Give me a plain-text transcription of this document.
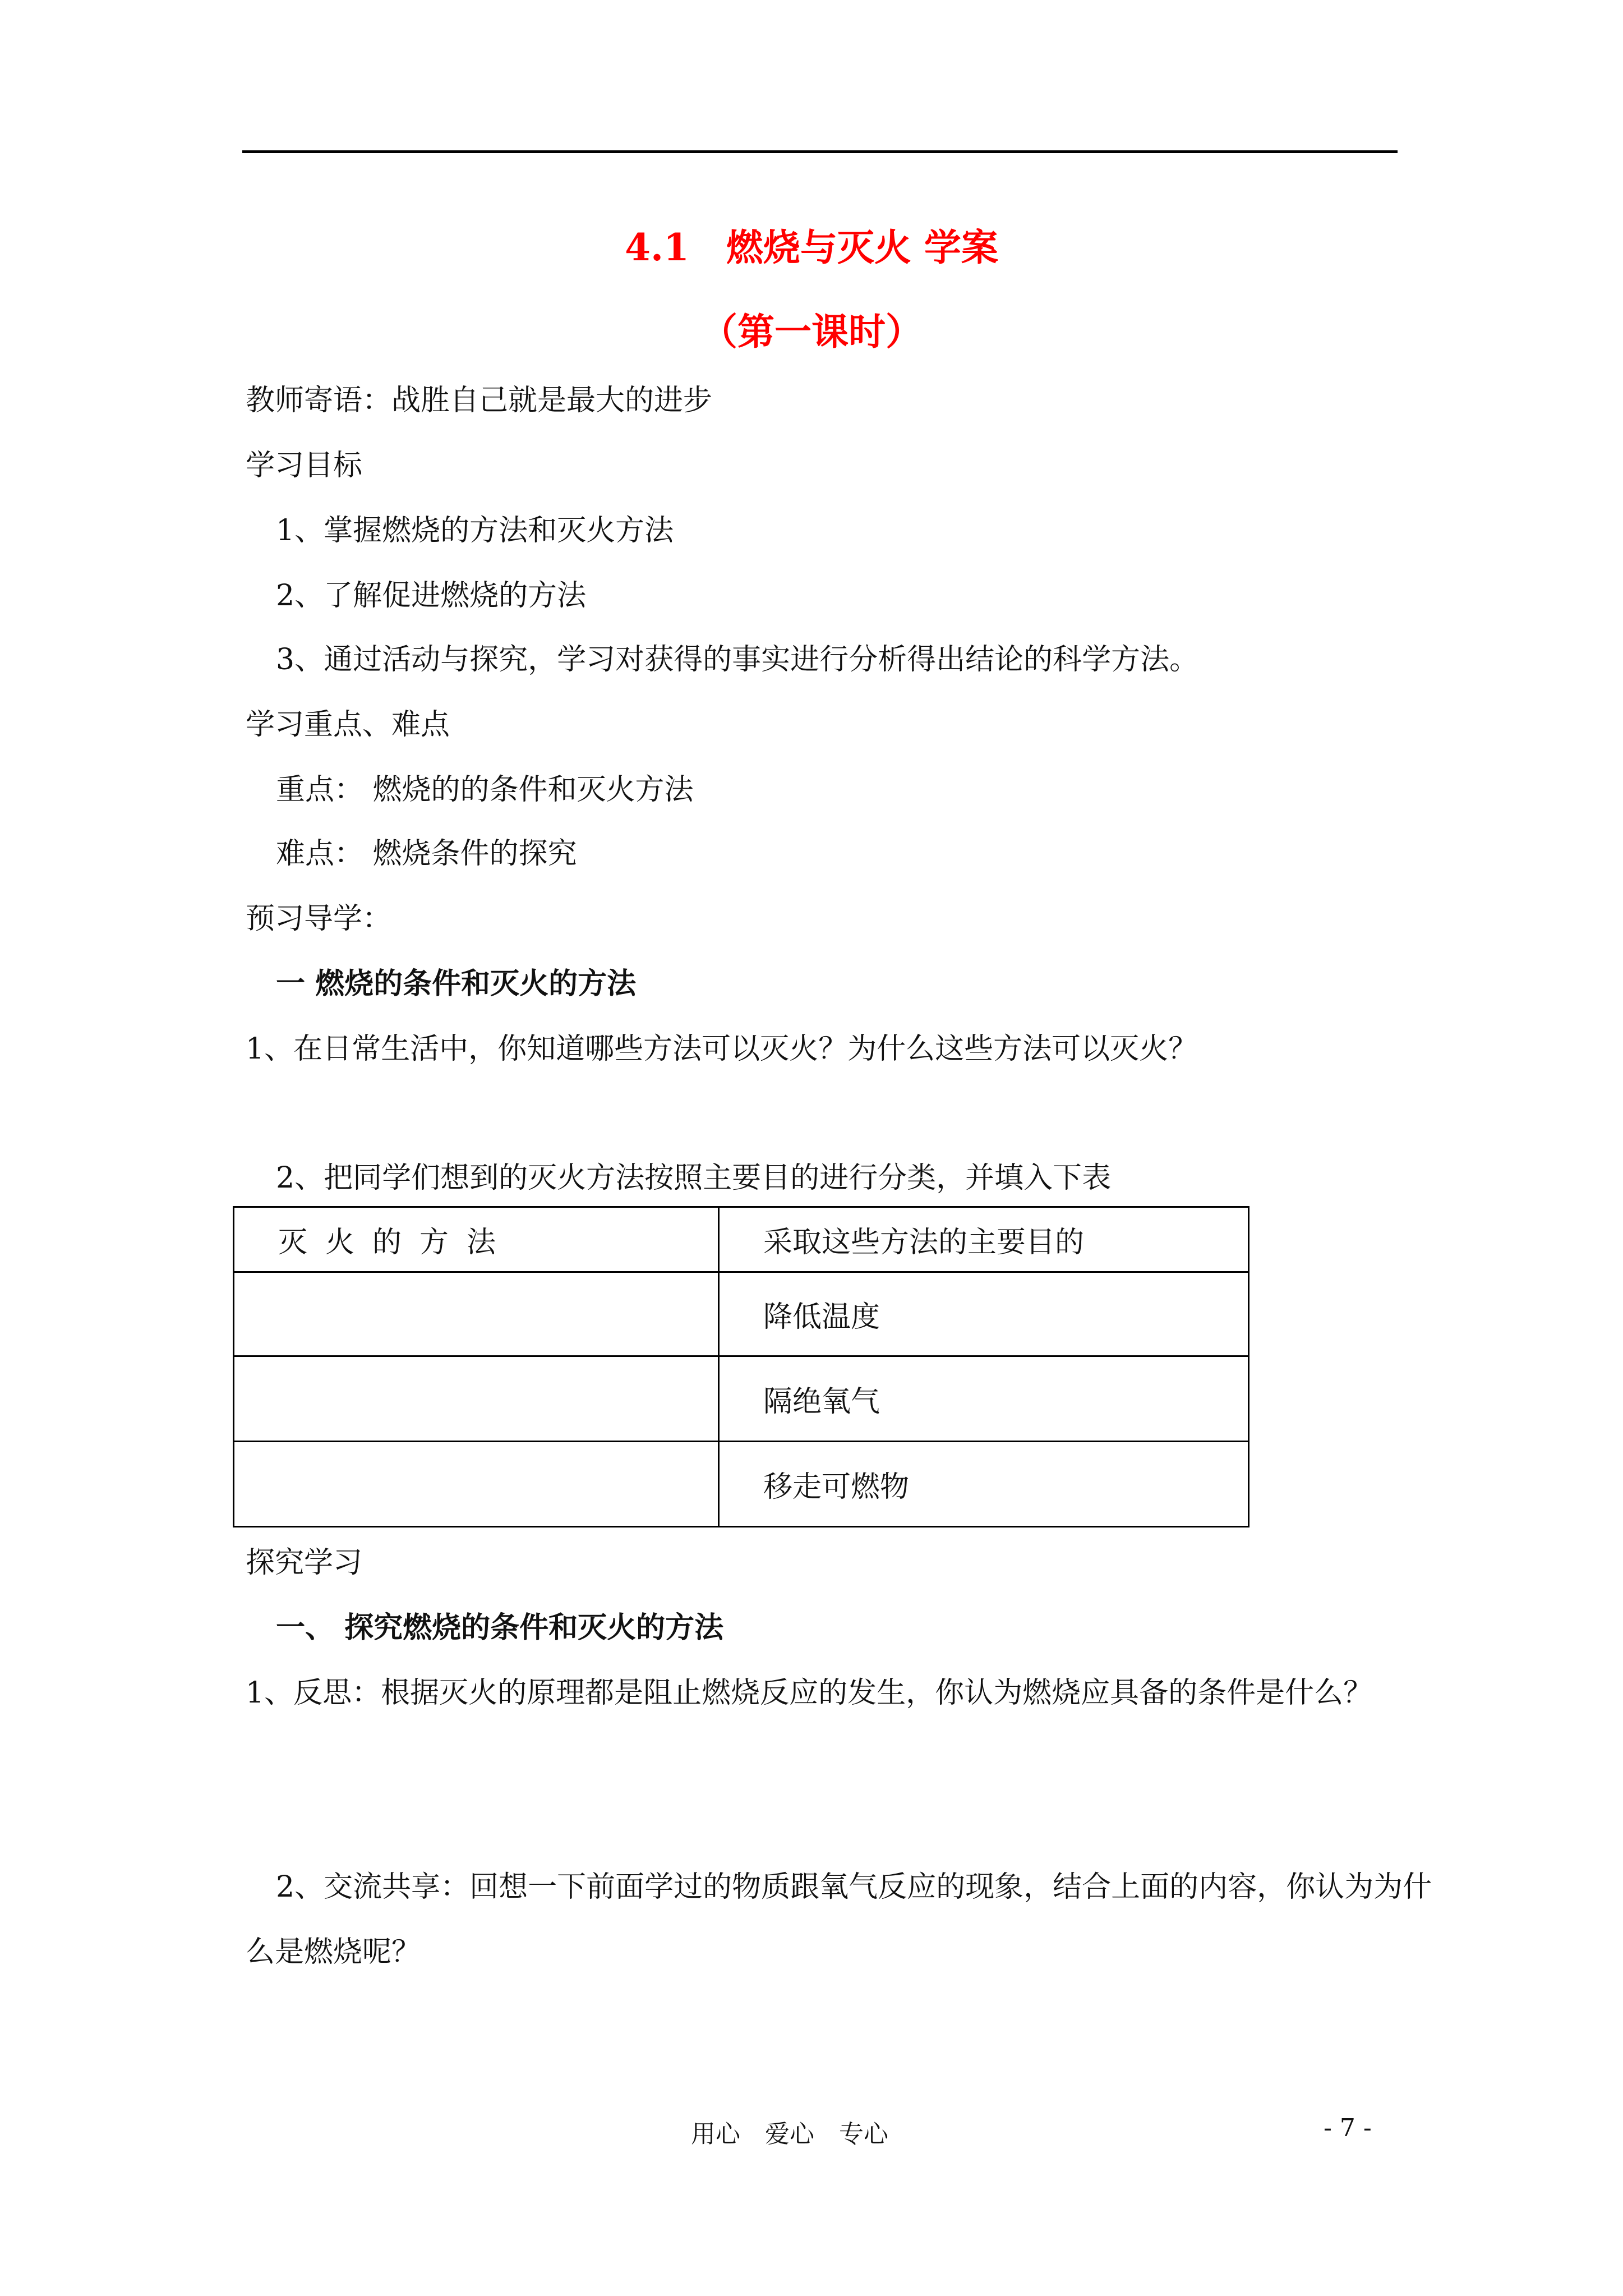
4.1　燃烧与灭火 学案
（第一课时）
教师寄语：战胜自己就是最大的进步
学习目标
1、掌握燃烧的方法和灭火方法
2、了解促进燃烧的方法
3、通过活动与探究，学习对获得的事实进行分析得出结论的科学方法。
学习重点、难点
重点： 燃烧的的条件和灭火方法
难点： 燃烧条件的探究
预习导学：
一 燃烧的条件和灭火的方法
1、在日常生活中，你知道哪些方法可以灭火？为什么这些方法可以灭火？
2、把同学们想到的灭火方法按照主要目的进行分类，并填入下表
灭火的方法	采取这些方法的主要目的
	降低温度
	隔绝氧气
	移走可燃物
探究学习
一、 探究燃烧的条件和灭火的方法
1、反思：根据灭火的原理都是阻止燃烧反应的发生，你认为燃烧应具备的条件是什么？
2、交流共享：回想一下前面学过的物质跟氧气反应的现象，结合上面的内容，你认为为什
么是燃烧呢？
用心　爱心　专心	- 7 -
